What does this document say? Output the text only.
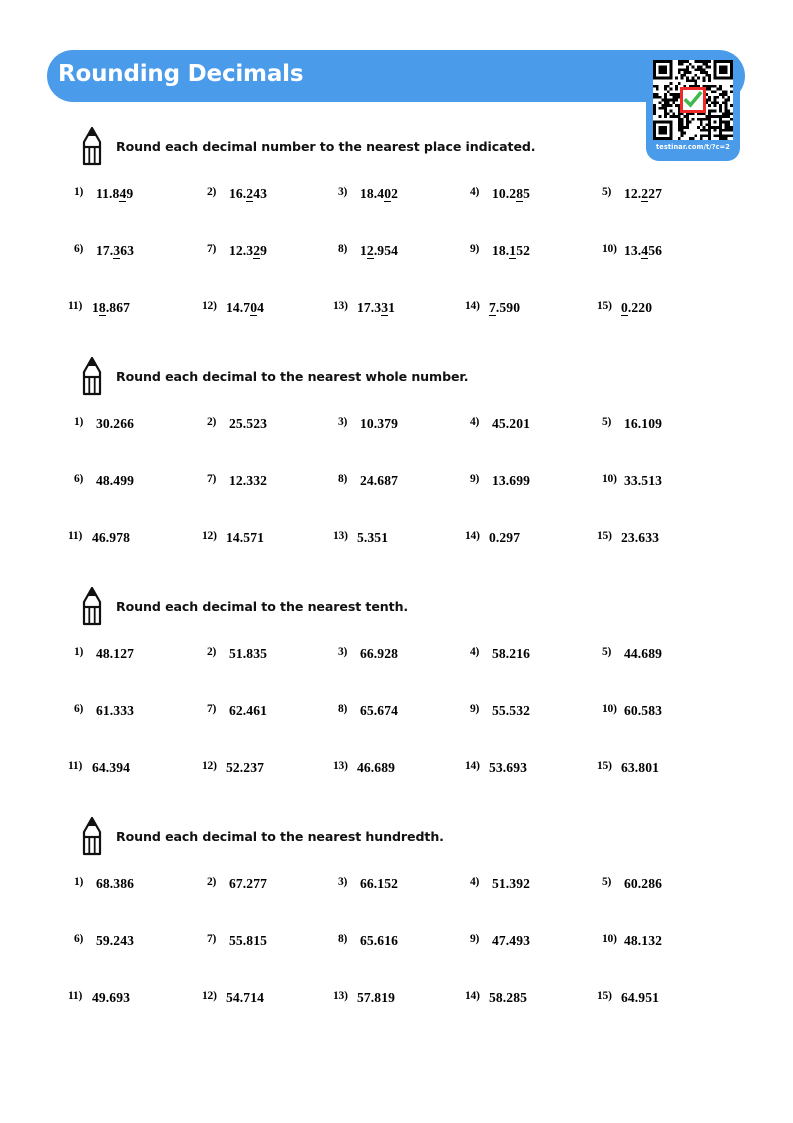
Rounding Decimals
testinar.com/t/?c=2
Round each decimal number to the nearest place indicated.
1) 11.849	2) 16.243	3) 18.402	4) 10.285	5) 12.227
6) 17.363	7) 12.329	8) 12.954	9) 18.152	10) 13.456
11) 18.867	12) 14.704	13) 17.331	14) 7.590	15) 0.220
Round each decimal to the nearest whole number.
1) 30.266	2) 25.523	3) 10.379	4) 45.201	5) 16.109
6) 48.499	7) 12.332	8) 24.687	9) 13.699	10) 33.513
11) 46.978	12) 14.571	13) 5.351	14) 0.297	15) 23.633
Round each decimal to the nearest tenth.
1) 48.127	2) 51.835	3) 66.928	4) 58.216	5) 44.689
6) 61.333	7) 62.461	8) 65.674	9) 55.532	10) 60.583
11) 64.394	12) 52.237	13) 46.689	14) 53.693	15) 63.801
Round each decimal to the nearest hundredth.
1) 68.386	2) 67.277	3) 66.152	4) 51.392	5) 60.286
6) 59.243	7) 55.815	8) 65.616	9) 47.493	10) 48.132
11) 49.693	12) 54.714	13) 57.819	14) 58.285	15) 64.951
